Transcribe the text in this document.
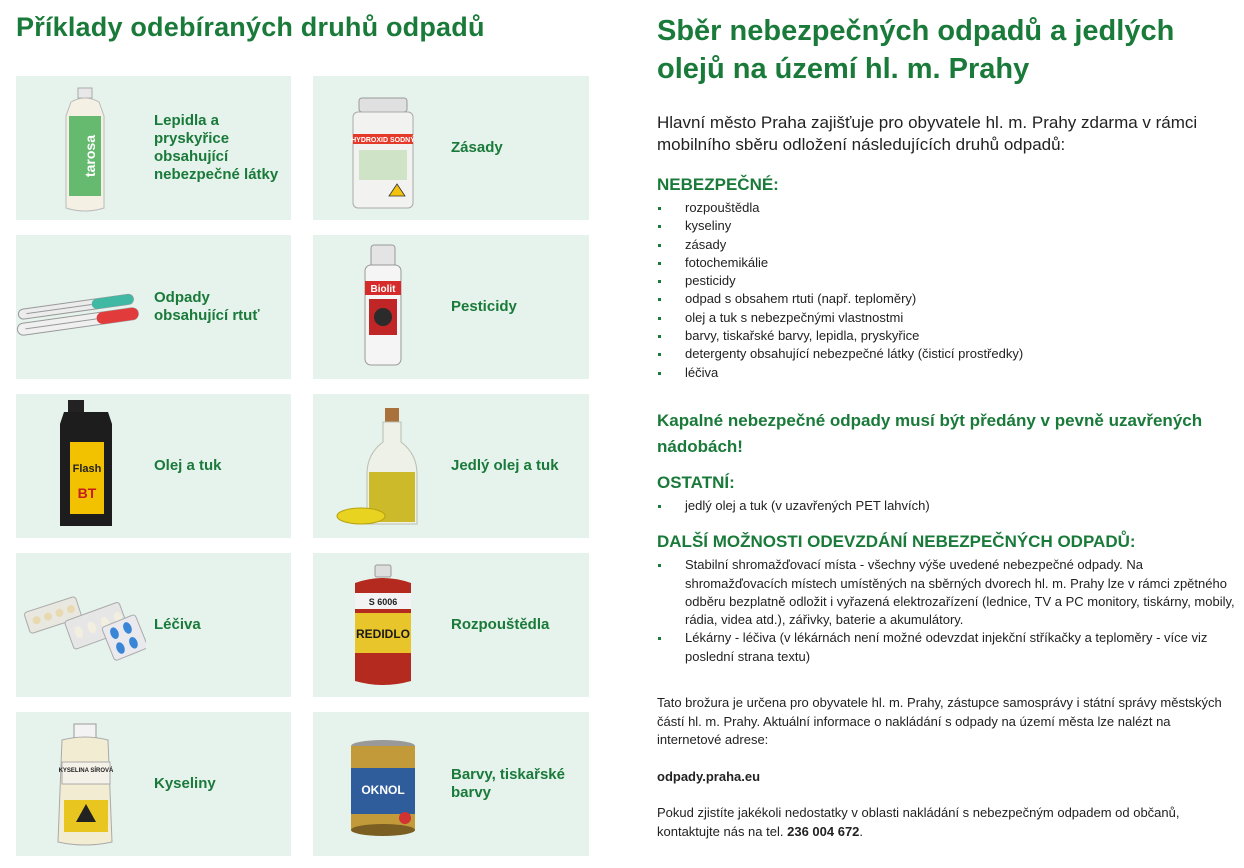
Příklady odebíraných druhů odpadů
tarosa
Lepidla a pryskyřice obsahující nebezpečné látky
HYDROXID SODNÝ	Zásady
Odpady obsahující rtuť
Biolit
Pesticidy
Flash
BT
Olej a tuk	Jedlý olej a tuk
Léčiva
S 6006
REDIDLO
Rozpouštědla
KYSELINA SÍROVÁ
Kyseliny	OKNOL
Barvy, tiskařské barvy
Sběr nebezpečných odpadů a jedlých olejů na území hl. m. Prahy

Hlavní město Praha zajišťuje pro obyvatele hl. m. Prahy zdarma v rámci mobilního sběru odložení následujících druhů odpadů:

NEBEZPEČNÉ:
rozpouštědla
kyseliny
zásady
fotochemikálie
pesticidy
odpad s obsahem rtuti (např. teploměry)
olej a tuk s nebezpečnými vlastnostmi
barvy, tiskařské barvy, lepidla, pryskyřice
detergenty obsahující nebezpečné látky (čisticí prostředky)
léčiva

Kapalné nebezpečné odpady musí být předány v pevně uzavřených nádobách!

OSTATNÍ:
jedlý olej a tuk (v uzavřených PET lahvích)
DALŠÍ MOŽNOSTI ODEVZDÁNÍ NEBEZPEČNÝCH ODPADŮ:
Stabilní shromažďovací místa - všechny výše uvedené nebezpečné odpady. Na shromažďovacích místech umístěných na sběrných dvorech hl. m. Prahy lze v rámci zpětného odběru bezplatně odložit i vyřazená elektrozařízení (lednice, TV a PC monitory, tiskárny, mobily, rádia, videa atd.), zářivky, baterie a akumulátory.
Lékárny - léčiva (v lékárnách není možné odevzdat injekční stříkačky a teploměry - více viz poslední strana textu)

Tato brožura je určena pro obyvatele hl. m. Prahy, zástupce samosprávy i státní správy městských částí hl. m. Prahy. Aktuální informace o nakládání s odpady na území města lze nalézt na internetové adrese:

odpady.praha.eu

Pokud zjistíte jakékoli nedostatky v oblasti nakládání s nebezpečným odpadem od občanů, kontaktujte nás na tel. 236 004 672.
